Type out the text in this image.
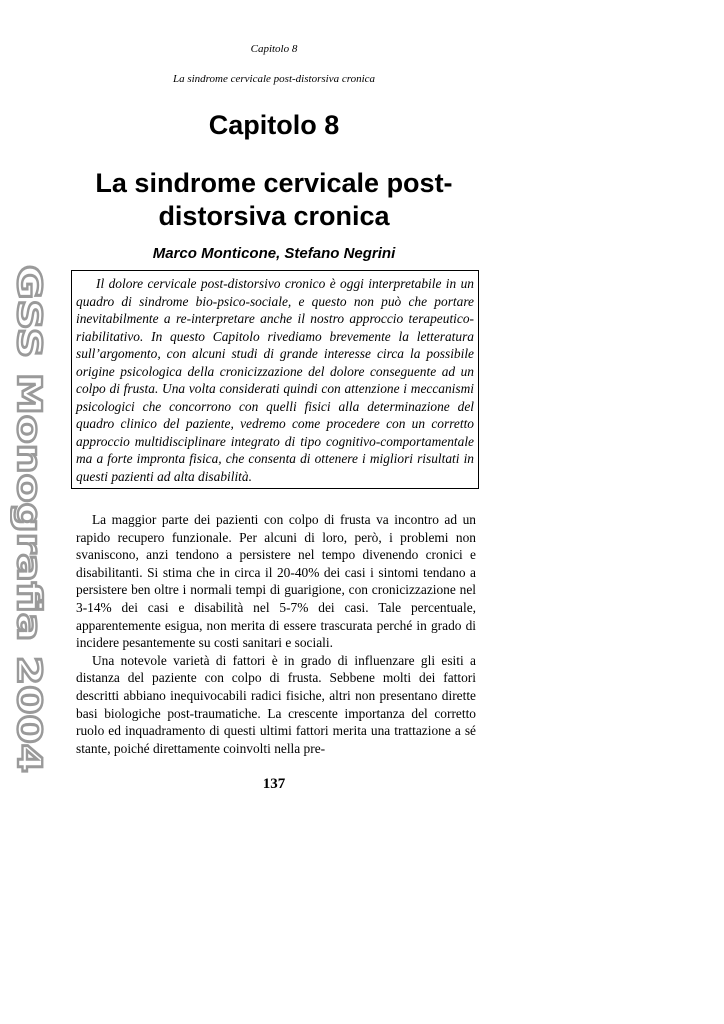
Capitolo 8
La sindrome cervicale post-distorsiva cronica
GSS Monografia 2004
Capitolo 8
La sindrome cervicale post-distorsiva cronica
Marco Monticone, Stefano Negrini

Il dolore cervicale post-distorsivo cronico è oggi interpretabile in un quadro di sindrome bio-psico-sociale, e questo non può che portare inevitabilmente a re-interpretare anche il nostro approccio terapeutico-riabilitativo. In questo Capitolo rivediamo brevemente la letteratura sull’argomento, con alcuni studi di grande interesse circa la possibile origine psicologica della cronicizzazione del dolore conseguente ad un colpo di frusta. Una volta considerati quindi con attenzione i meccanismi psicologici che concorrono con quelli fisici alla determinazione del quadro clinico del paziente, vedremo come procedere con un corretto approccio multidisciplinare integrato di tipo cognitivo-comportamentale ma a forte impronta fisica, che consenta di ottenere i migliori risultati in questi pazienti ad alta disabilità.

La maggior parte dei pazienti con colpo di frusta va incontro ad un rapido recupero funzionale. Per alcuni di loro, però, i problemi non svaniscono, anzi tendono a persistere nel tempo divenendo cronici e disabilitanti. Si stima che in circa il 20-40% dei casi i sintomi tendano a persistere ben oltre i normali tempi di guarigione, con cronicizzazione nel 3-14% dei casi e disabilità nel 5-7% dei casi. Tale percentuale, apparentemente esigua, non merita di essere trascurata perché in grado di incidere pesantemente su costi sanitari e sociali.

Una notevole varietà di fattori è in grado di influenzare gli esiti a distanza del paziente con colpo di frusta. Sebbene molti dei fattori descritti abbiano inequivocabili radici fisiche, altri non presentano dirette basi biologiche post-traumatiche. La crescente importanza del corretto ruolo ed inquadramento di questi ultimi fattori merita una trattazione a sé stante, poiché direttamente coinvolti nella pre-

137
